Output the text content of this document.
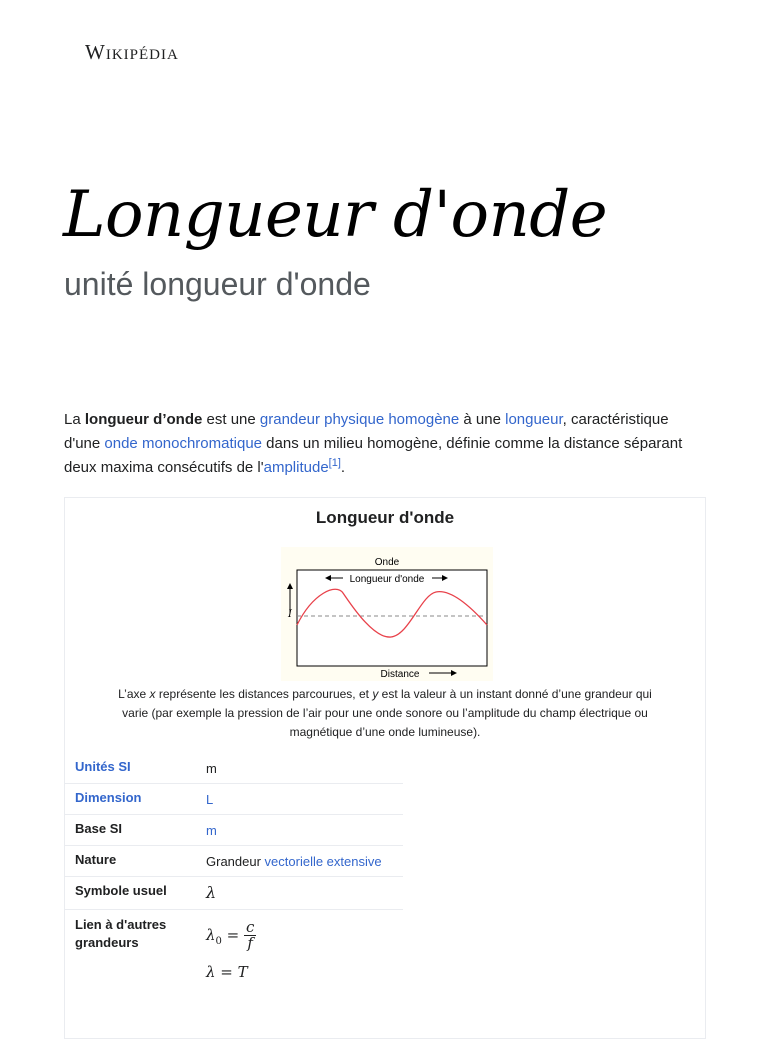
Wikipédia
Longueur d'onde
unité longueur d'onde

La longueur d’onde est une grandeur physique homogène à une longueur, caractéristique d'une onde monochromatique dans un milieu homogène, définie comme la distance séparant deux maxima consécutifs de l'amplitude[1].

Longueur d'onde
Onde
Longueur d'onde
I
Distance
L’axe x représente les distances parcourues, et y est la valeur à un instant donné d’une grandeur qui varie (par exemple la pression de l’air pour une onde sonore ou l’amplitude du champ électrique ou magnétique d’une onde lumineuse).
Unités SI	m
Dimension	L
Base SI	m
Nature	Grandeur vectorielle extensive
Symbole usuel	λ
Lien à d'autres grandeurs	$\lambda_0 = \frac{c}{f}$
λ = T
